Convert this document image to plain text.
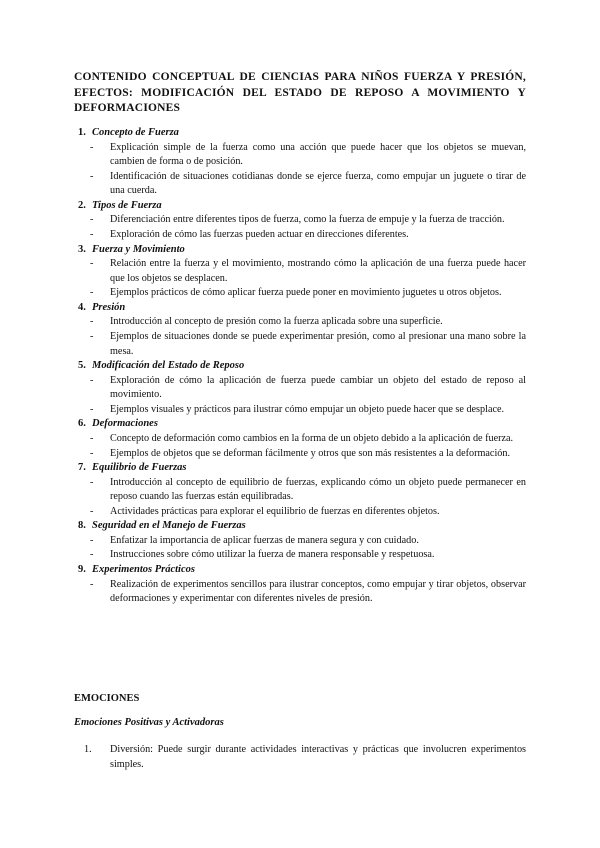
CONTENIDO CONCEPTUAL DE CIENCIAS PARA NIÑOS FUERZA Y PRESIÓN, EFECTOS: MODIFICACIÓN DEL ESTADO DE REPOSO A MOVIMIENTO Y DEFORMACIONES
1. Concepto de Fuerza
- Explicación simple de la fuerza como una acción que puede hacer que los objetos se muevan, cambien de forma o de posición.
- Identificación de situaciones cotidianas donde se ejerce fuerza, como empujar un juguete o tirar de una cuerda.
2. Tipos de Fuerza
- Diferenciación entre diferentes tipos de fuerza, como la fuerza de empuje y la fuerza de tracción.
- Exploración de cómo las fuerzas pueden actuar en direcciones diferentes.
3. Fuerza y Movimiento
- Relación entre la fuerza y el movimiento, mostrando cómo la aplicación de una fuerza puede hacer que los objetos se desplacen.
- Ejemplos prácticos de cómo aplicar fuerza puede poner en movimiento juguetes u otros objetos.
4. Presión
- Introducción al concepto de presión como la fuerza aplicada sobre una superficie.
- Ejemplos de situaciones donde se puede experimentar presión, como al presionar una mano sobre la mesa.
5. Modificación del Estado de Reposo
- Exploración de cómo la aplicación de fuerza puede cambiar un objeto del estado de reposo al movimiento.
- Ejemplos visuales y prácticos para ilustrar cómo empujar un objeto puede hacer que se desplace.
6. Deformaciones
- Concepto de deformación como cambios en la forma de un objeto debido a la aplicación de fuerza.
- Ejemplos de objetos que se deforman fácilmente y otros que son más resistentes a la deformación.
7. Equilibrio de Fuerzas
- Introducción al concepto de equilibrio de fuerzas, explicando cómo un objeto puede permanecer en reposo cuando las fuerzas están equilibradas.
- Actividades prácticas para explorar el equilibrio de fuerzas en diferentes objetos.
8. Seguridad en el Manejo de Fuerzas
- Enfatizar la importancia de aplicar fuerzas de manera segura y con cuidado.
- Instrucciones sobre cómo utilizar la fuerza de manera responsable y respetuosa.
9. Experimentos Prácticos
- Realización de experimentos sencillos para ilustrar conceptos, como empujar y tirar objetos, observar deformaciones y experimentar con diferentes niveles de presión.
EMOCIONES
Emociones Positivas y Activadoras
1.	Diversión: Puede surgir durante actividades interactivas y prácticas que involucren experimentos simples.
